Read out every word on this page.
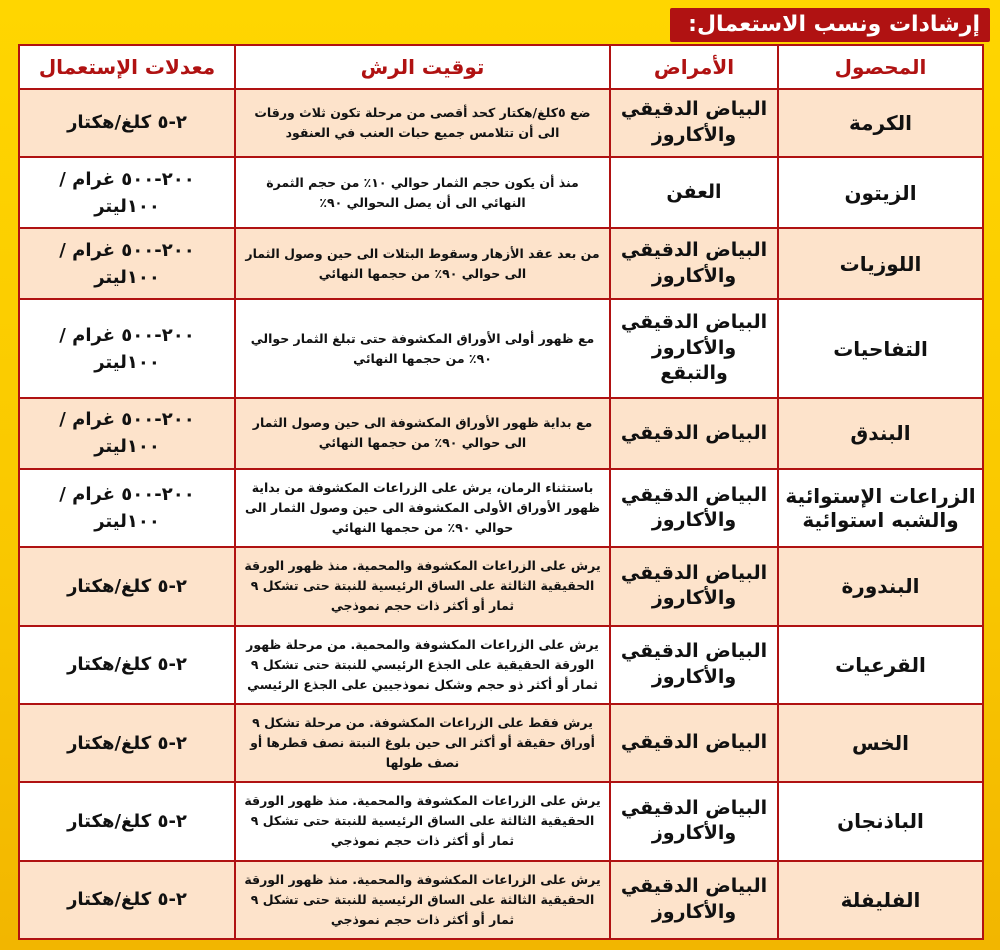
إرشادات ونسب الاستعمال:
المحصول	الأمراض	توقيت الرش	معدلات الإستعمال
الكرمة	البياض الدقيقي والأكاروز	ضع ٥كلغ/هكتار كحد أقصى من مرحلة تكون ثلاث ورقات الى أن تتلامس جميع حبات العنب في العنقود	٢-٥ كلغ/هكتار
الزيتون	العفن	منذ أن يكون حجم الثمار حوالي ١٠٪ من حجم الثمرة النهائي الى أن يصل الىحوالي ٩٠٪	٢٠٠-٥٠٠ غرام / ١٠٠ليتر
اللوزيات	البياض الدقيقي والأكاروز	من بعد عقد الأزهار وسقوط البتلات الى حين وصول الثمار الى حوالي ٩٠٪ من حجمها النهائي	٢٠٠-٥٠٠ غرام / ١٠٠ليتر
التفاحيات	البياض الدقيقي والأكاروز والتبقع	مع ظهور أولى الأوراق المكشوفة حتى تبلغ الثمار حوالي ٩٠٪ من حجمها النهائي	٢٠٠-٥٠٠ غرام / ١٠٠ليتر
البندق	البياض الدقيقي	مع بداية ظهور الأوراق المكشوفة الى حين وصول الثمار الى حوالي ٩٠٪ من حجمها النهائي	٢٠٠-٥٠٠ غرام / ١٠٠ليتر
الزراعات الإستوائية والشبه استوائية	البياض الدقيقي والأكاروز	باستثناء الرمان، يرش على الزراعات المكشوفة من بداية ظهور الأوراق الأولى المكشوفة الى حين وصول الثمار الى حوالي ٩٠٪ من حجمها النهائي	٢٠٠-٥٠٠ غرام / ١٠٠ليتر
البندورة	البياض الدقيقي والأكاروز	يرش على الزراعات المكشوفة والمحمية. منذ ظهور الورقة الحقيقية الثالثة على الساق الرئيسية للنبتة حتى تشكل ٩ ثمار أو أكثر ذات حجم نموذجي	٢-٥ كلغ/هكتار
القرعيات	البياض الدقيقي والأكاروز	يرش على الزراعات المكشوفة والمحمية. من مرحلة ظهور الورقة الحقيقية على الجذع الرئيسي للنبتة حتى تشكل ٩ ثمار أو أكثر ذو حجم وشكل نموذجيين على الجذع الرئيسي	٢-٥ كلغ/هكتار
الخس	البياض الدقيقي	يرش فقط على الزراعات المكشوفة. من مرحلة تشكل ٩ أوراق حقيقة أو أكثر الى حين بلوغ النبتة نصف قطرها أو نصف طولها	٢-٥ كلغ/هكتار
الباذنجان	البياض الدقيقي والأكاروز	يرش على الزراعات المكشوفة والمحمية. منذ ظهور الورقة الحقيقية الثالثة على الساق الرئيسية للنبتة حتى تشكل ٩ ثمار أو أكثر ذات حجم نموذجي	٢-٥ كلغ/هكتار
الفليفلة	البياض الدقيقي والأكاروز	يرش على الزراعات المكشوفة والمحمية. منذ ظهور الورقة الحقيقية الثالثة على الساق الرئيسية للنبتة حتى تشكل ٩ ثمار أو أكثر ذات حجم نموذجي	٢-٥ كلغ/هكتار
